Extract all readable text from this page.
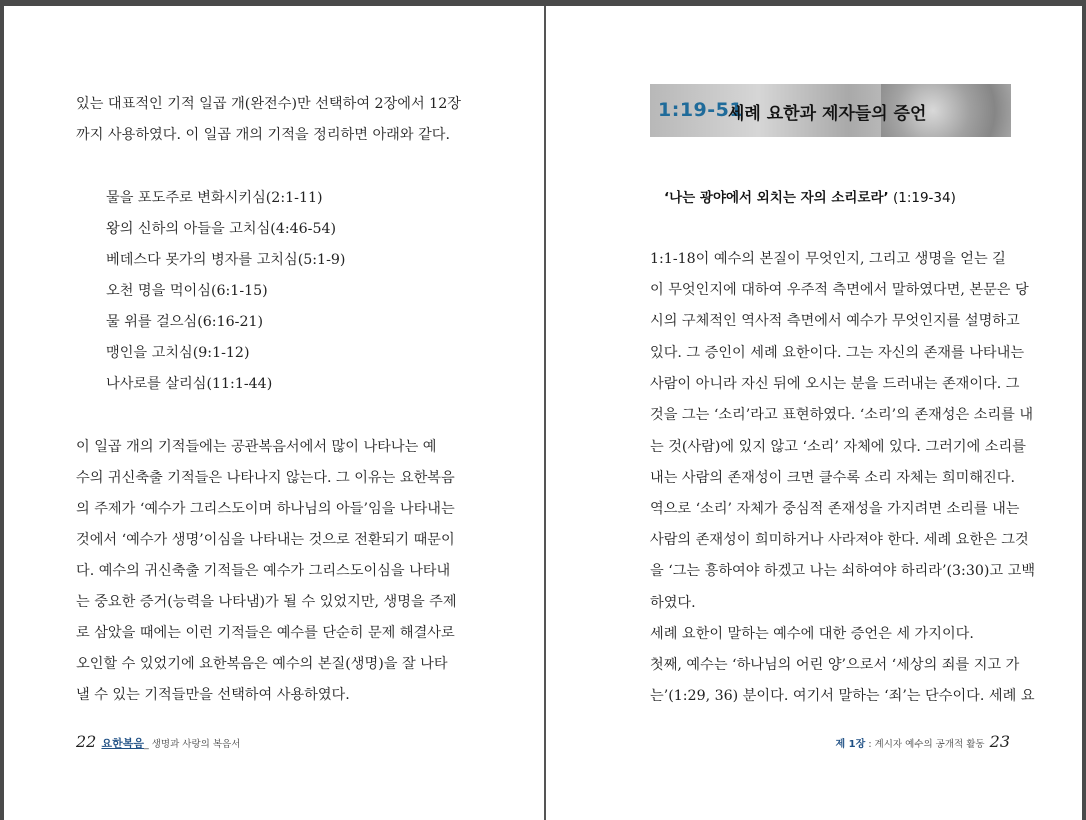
있는 대표적인 기적 일곱 개(완전수)만 선택하여 2장에서 12장
까지 사용하였다. 이 일곱 개의 기적을 정리하면 아래와 같다.
물을 포도주로 변화시키심(2:1-11)
왕의 신하의 아들을 고치심(4:46-54)
베데스다 못가의 병자를 고치심(5:1-9)
오천 명을 먹이심(6:1-15)
물 위를 걸으심(6:16-21)
맹인을 고치심(9:1-12)
나사로를 살리심(11:1-44)
이 일곱 개의 기적들에는 공관복음서에서 많이 나타나는 예
수의 귀신축출 기적들은 나타나지 않는다. 그 이유는 요한복음
의 주제가 ‘예수가 그리스도이며 하나님의 아들’임을 나타내는
것에서 ‘예수가 생명’이심을 나타내는 것으로 전환되기 때문이
다. 예수의 귀신축출 기적들은 예수가 그리스도이심을 나타내
는 중요한 증거(능력을 나타냄)가 될 수 있었지만, 생명을 주제
로 삼았을 때에는 이런 기적들은 예수를 단순히 문제 해결사로
오인할 수 있었기에 요한복음은 예수의 본질(생명)을 잘 나타
낼 수 있는 기적들만을 선택하여 사용하였다.
22 요한복음_ 생명과 사랑의 복음서
1:19-51
세례 요한과 제자들의 증언
‘나는 광야에서 외치는 자의 소리로라’ (1:19-34)
1:1-18이 예수의 본질이 무엇인지, 그리고 생명을 얻는 길
이 무엇인지에 대하여 우주적 측면에서 말하였다면, 본문은 당
시의 구체적인 역사적 측면에서 예수가 무엇인지를 설명하고
있다. 그 증인이 세례 요한이다. 그는 자신의 존재를 나타내는
사람이 아니라 자신 뒤에 오시는 분을 드러내는 존재이다. 그
것을 그는 ‘소리’라고 표현하였다. ‘소리’의 존재성은 소리를 내
는 것(사람)에 있지 않고 ‘소리’ 자체에 있다. 그러기에 소리를
내는 사람의 존재성이 크면 클수록 소리 자체는 희미해진다.
역으로 ‘소리’ 자체가 중심적 존재성을 가지려면 소리를 내는
사람의 존재성이 희미하거나 사라져야 한다. 세례 요한은 그것
을 ‘그는 흥하여야 하겠고 나는 쇠하여야 하리라’(3:30)고 고백
하였다.
세례 요한이 말하는 예수에 대한 증언은 세 가지이다.
첫째, 예수는 ‘하나님의 어린 양’으로서 ‘세상의 죄를 지고 가
는’(1:29, 36) 분이다. 여기서 말하는 ‘죄’는 단수이다. 세례 요
제 1장 : 계시자 예수의 공개적 활동 23
